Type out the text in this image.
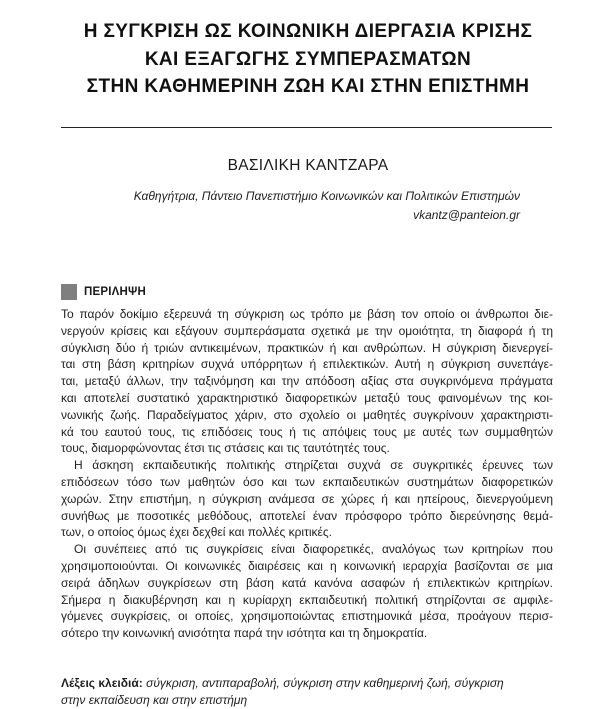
Η ΣΥΓΚΡΙΣΗ ΩΣ ΚΟΙΝΩΝΙΚΗ ΔΙΕΡΓΑΣΙΑ ΚΡΙΣΗΣ
ΚΑΙ ΕΞΑΓΩΓΗΣ ΣΥΜΠΕΡΑΣΜΑΤΩΝ
ΣΤΗΝ ΚΑΘΗΜΕΡΙΝΗ ΖΩΗ ΚΑΙ ΣΤΗΝ ΕΠΙΣΤΗΜΗ
ΒΑΣΙΛΙΚΗ ΚΑΝΤΖΑΡΑ
Καθηγήτρια, Πάντειο Πανεπιστήμιο Κοινωνικών και Πολιτικών Επιστημών
vkantz@panteion.gr
ΠΕΡΙΛΗΨΗ

Το παρόν δοκίμιο εξερευνά τη σύγκριση ως τρόπο με βάση τον οποίο οι άνθρωποι διε-

νεργούν κρίσεις και εξάγουν συμπεράσματα σχετικά με την ομοιότητα, τη διαφορά ή τη

σύγκλιση δύο ή τριών αντικειμένων, πρακτικών ή και ανθρώπων. Η σύγκριση διενεργεί-

ται στη βάση κριτηρίων συχνά υπόρρητων ή επιλεκτικών. Αυτή η σύγκριση συνεπάγε-

ται, μεταξύ άλλων, την ταξινόμηση και την απόδοση αξίας στα συγκρινόμενα πράγματα

και αποτελεί συστατικό χαρακτηριστικό διαφορετικών μεταξύ τους φαινομένων της κοι-

νωνικής ζωής. Παραδείγματος χάριν, στο σχολείο οι μαθητές συγκρίνουν χαρακτηριστι-

κά του εαυτού τους, τις επιδόσεις τους ή τις απόψεις τους με αυτές των συμμαθητών

τους, διαμορφώνοντας έτσι τις στάσεις και τις ταυτότητές τους.

Η άσκηση εκπαιδευτικής πολιτικής στηρίζεται συχνά σε συγκριτικές έρευνες των

επιδόσεων τόσο των μαθητών όσο και των εκπαιδευτικών συστημάτων διαφορετικών

χωρών. Στην επιστήμη, η σύγκριση ανάμεσα σε χώρες ή και ηπείρους, διενεργούμενη

συνήθως με ποσοτικές μεθόδους, αποτελεί έναν πρόσφορο τρόπο διερεύνησης θεμά-

των, ο οποίος όμως έχει δεχθεί και πολλές κριτικές.

Οι συνέπειες από τις συγκρίσεις είναι διαφορετικές, αναλόγως των κριτηρίων που

χρησιμοποιούνται. Οι κοινωνικές διαιρέσεις και η κοινωνική ιεραρχία βασίζονται σε μια

σειρά άδηλων συγκρίσεων στη βάση κατά κανόνα ασαφών ή επιλεκτικών κριτηρίων.

Σήμερα η διακυβέρνηση και η κυρίαρχη εκπαιδευτική πολιτική στηρίζονται σε αμφιλε-

γόμενες συγκρίσεις, οι οποίες, χρησιμοποιώντας επιστημονικά μέσα, προάγουν περισ-

σότερο την κοινωνική ανισότητα παρά την ισότητα και τη δημοκρατία.

Λέξεις κλειδιά: σύγκριση, αντιπαραβολή, σύγκριση στην καθημερινή ζωή, σύγκριση

στην εκπαίδευση και στην επιστήμη
